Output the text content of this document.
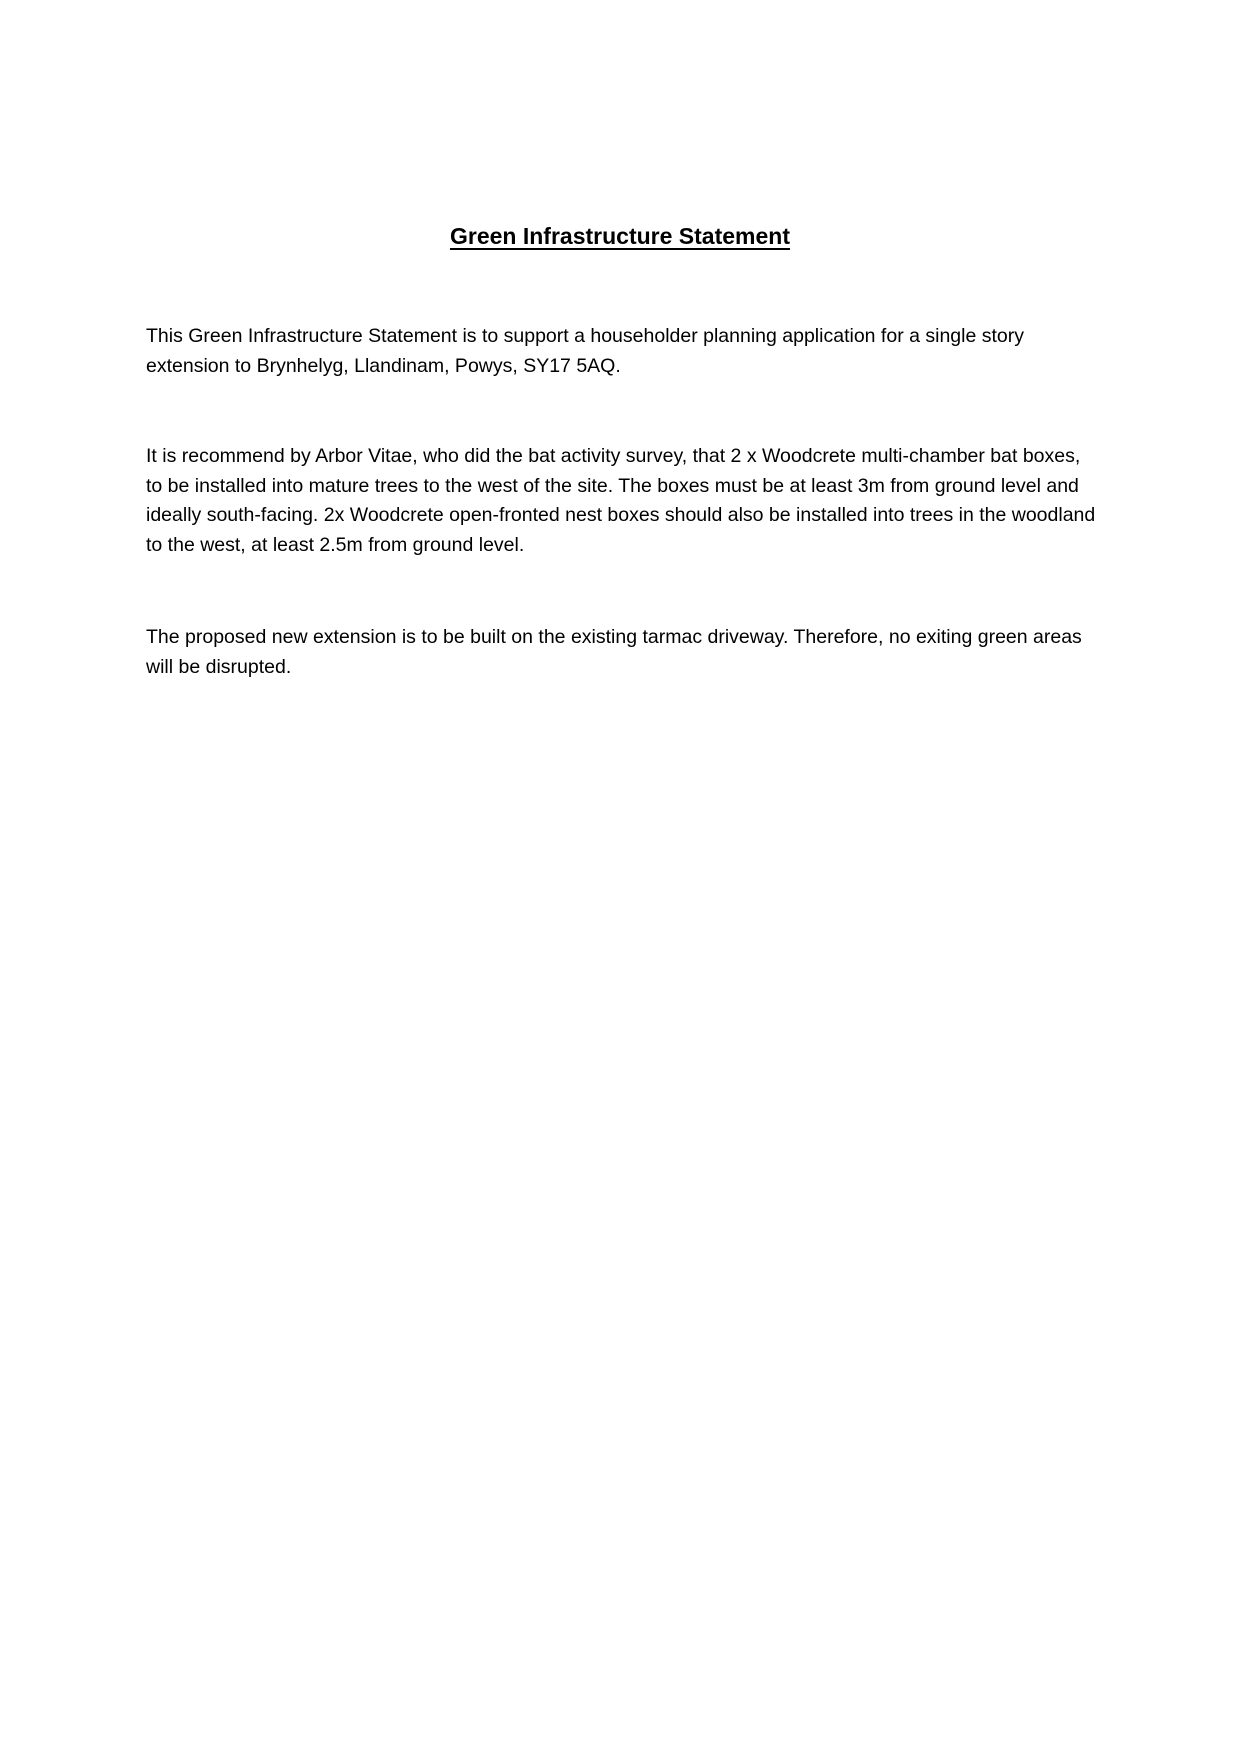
Green Infrastructure Statement

This Green Infrastructure Statement is to support a householder planning application for a single story extension to Brynhelyg, Llandinam, Powys, SY17 5AQ.

It is recommend by Arbor Vitae, who did the bat activity survey, that 2 x Woodcrete multi-chamber bat boxes, to be installed into mature trees to the west of the site. The boxes must be at least 3m from ground level and ideally south-facing. 2x Woodcrete open-fronted nest boxes should also be installed into trees in the woodland to the west, at least 2.5m from ground level.

The proposed new extension is to be built on the existing tarmac driveway. Therefore, no exiting green areas will be disrupted.
